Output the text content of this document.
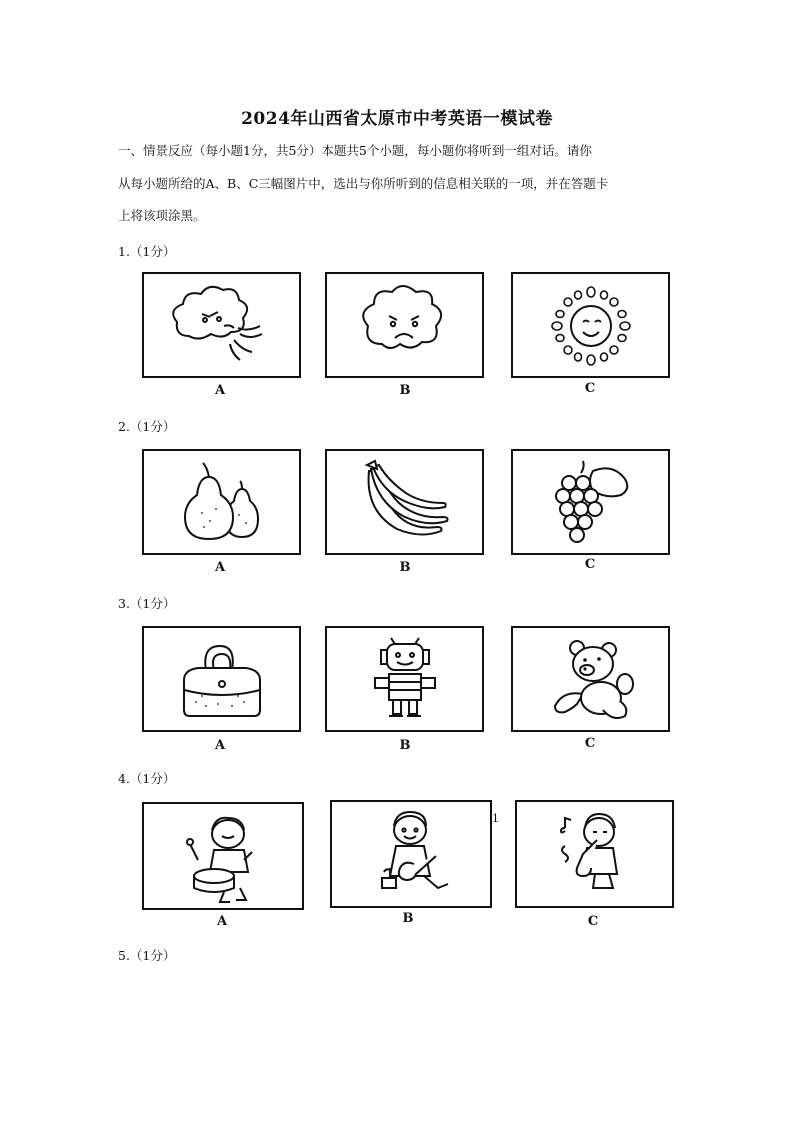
2024年山西省太原市中考英语一模试卷
一、情景反应（每小题1分，共5分）本题共5个小题，每小题你将听到一组对话。请你
从每小题所给的A、B、C三幅图片中，选出与你所听到的信息相关联的一项，并在答题卡
上将该项涂黑。
1.（1分）
A	B	C
2.（1分）
A	B	C
3.（1分）
A	B	C
4.（1分）
A	B	C
1
5.（1分）
